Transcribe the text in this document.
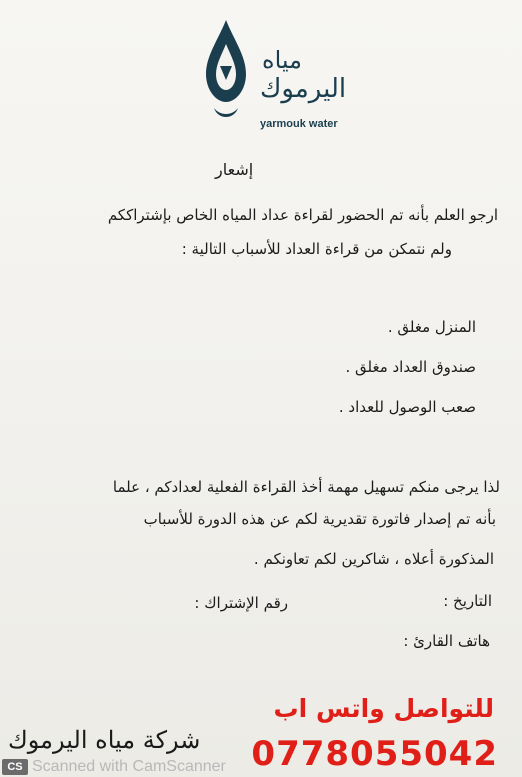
مياه
اليرموك
yarmouk water
إشعار
ارجو العلم بأنه تم الحضور لقراءة عداد المياه الخاص بإشتراككم
ولم نتمكن من قراءة العداد للأسباب التالية :
المنزل مغلق .
صندوق العداد مغلق .
صعب الوصول للعداد .
لذا يرجى منكم تسهيل مهمة أخذ القراءة الفعلية لعدادكم ، علما
بأنه تم إصدار فاتورة تقديرية لكم عن هذه الدورة للأسباب
المذكورة أعلاه ، شاكرين لكم تعاونكم .
التاريخ :
رقم الإشتراك :
هاتف القارئ :
للتواصل واتس اب
0778055042
شركة مياه اليرموك
CS Scanned with CamScanner
